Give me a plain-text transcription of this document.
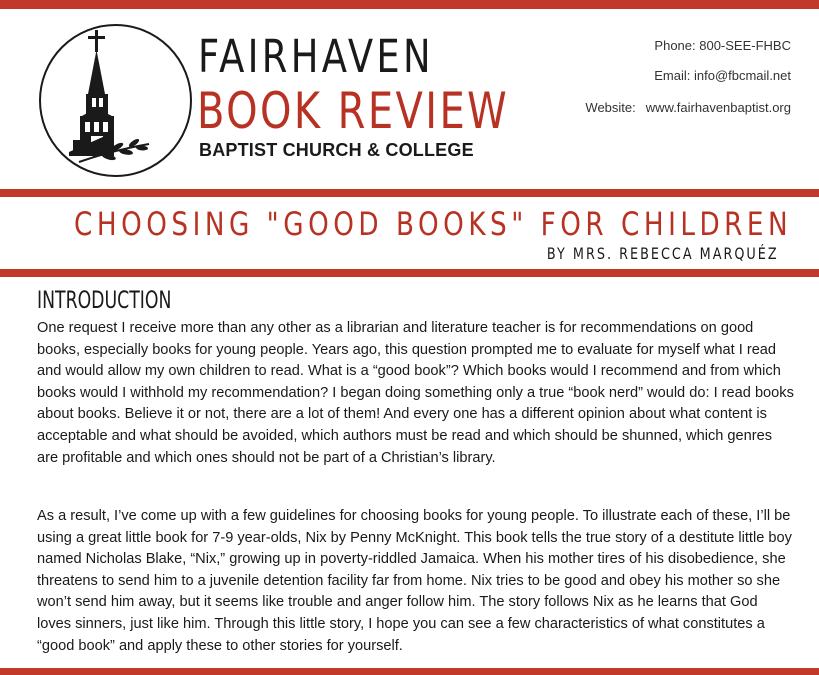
FAIRHAVEN
BOOK REVIEW
BAPTIST CHURCH & COLLEGE
Phone: 800-SEE-FHBC
Email: info@fbcmail.net
Website: www.fairhavenbaptist.org
CHOOSING "GOOD BOOKS" FOR CHILDREN
BY MRS. REBECCA MARQUÉZ
INTRODUCTION

One request I receive more than any other as a librarian and literature teacher is for recommendations on good books, especially books for young people. Years ago, this question prompted me to evaluate for myself what I read and would allow my own children to read. What is a “good book”? Which books would I recommend and from which books would I withhold my recommendation? I began doing something only a true “book nerd” would do: I read books about books. Believe it or not, there are a lot of them! And every one has a different opinion about what content is acceptable and what should be avoided, which authors must be read and which should be shunned, which genres are profitable and which ones should not be part of a Christian’s library.

As a result, I’ve come up with a few guidelines for choosing books for young people. To illustrate each of these, I’ll be using a great little book for 7-9 year-olds, Nix by Penny McKnight. This book tells the true story of a destitute little boy named Nicholas Blake, “Nix,” growing up in poverty-riddled Jamaica. When his mother tires of his disobedience, she threatens to send him to a juvenile detention facility far from home. Nix tries to be good and obey his mother so she won’t send him away, but it seems like trouble and anger follow him. The story follows Nix as he learns that God loves sinners, just like him. Through this little story, I hope you can see a few characteristics of what constitutes a “good book” and apply these to other stories for yourself.
